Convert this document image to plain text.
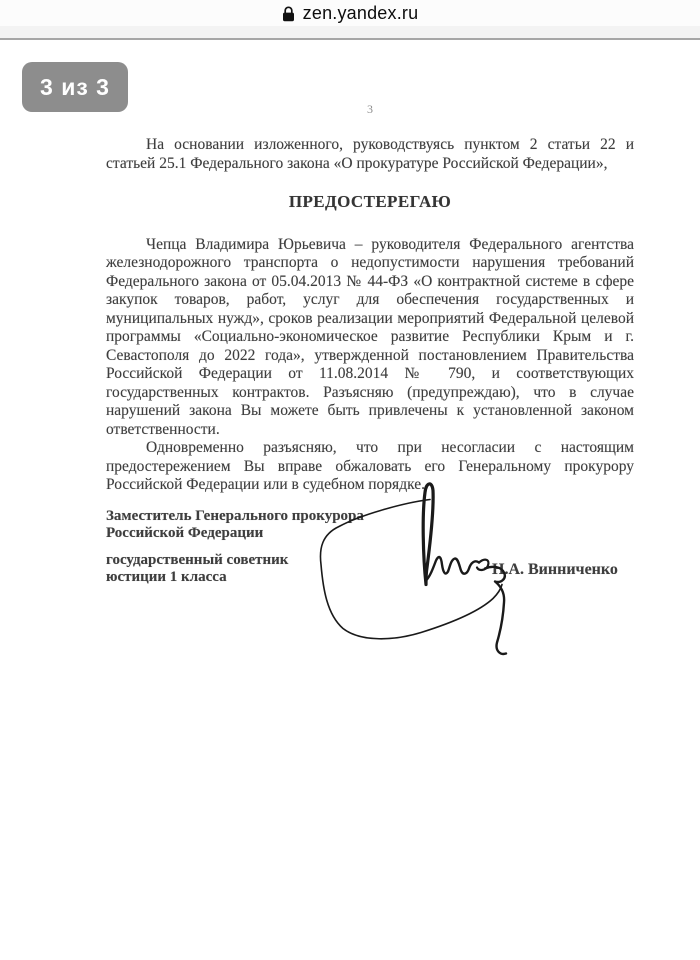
zen.yandex.ru
3 из 3
3

На основании изложенного, руководствуясь пунктом 2 статьи 22 и статьей 25.1 Федерального закона «О прокуратуре Российской Федерации»,

ПРЕДОСТЕРЕГАЮ

Чепца Владимира Юрьевича – руководителя Федерального агентства железнодорожного транспорта о недопустимости нарушения требований Федерального закона от 05.04.2013 № 44-ФЗ «О контрактной системе в сфере закупок товаров, работ, услуг для обеспечения государственных и муниципальных нужд», сроков реализации мероприятий Федеральной целевой программы «Социально-экономическое развитие Республики Крым и г. Севастополя до 2022 года», утвержденной постановлением Правительства Российской Федерации от 11.08.2014 № 790, и соответствующих государственных контрактов. Разъясняю (предупреждаю), что в случае нарушений закона Вы можете быть привлечены к установленной законом ответственности.

Одновременно разъясняю, что при несогласии с настоящим предостережением Вы вправе обжаловать его Генеральному прокурору Российской Федерации или в судебном порядке.

Заместитель Генерального прокурора
Российской Федерации
государственный советник
юстиции 1 класса	Н.А. Винниченко
